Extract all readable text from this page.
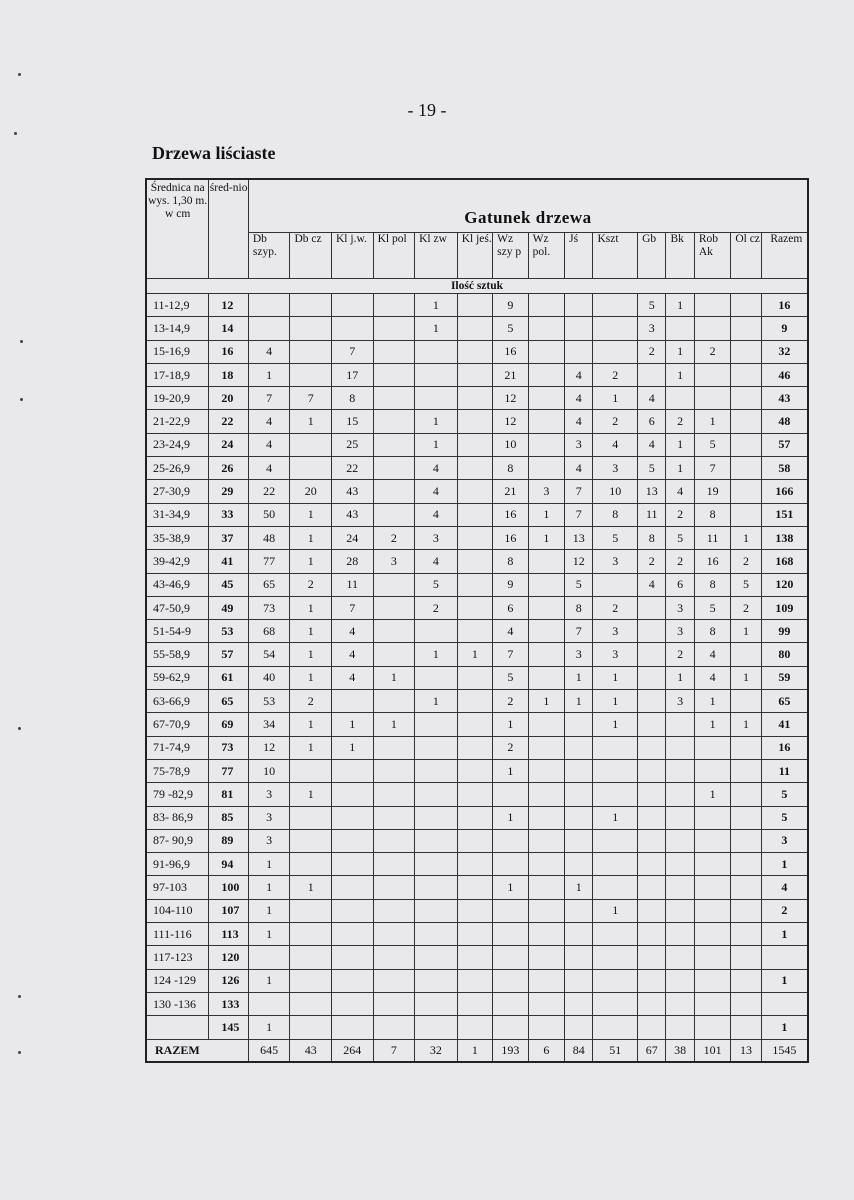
- 19 -
Drzewa liściaste
Średnica na wys. 1,30 m. w cm	śred-nio	Gatunek drzewa														
		Db szyp.	Db cz	Kl j.w.	Kl pol	Kl zw	Kl jeś.	Wz szy p	Wz pol.	Jś	Kszt	Gb	Bk	Rob Ak	Ol cz	Razem
Ilość sztuk																
11-12,9	12					1		9				5	1			16
13-14,9	14					1		5				3				9
15-16,9	16	4		7				16				2	1	2		32
17-18,9	18	1		17				21		4	2		1			46
19-20,9	20	7	7	8				12		4	1	4				43
21-22,9	22	4	1	15		1		12		4	2	6	2	1		48
23-24,9	24	4		25		1		10		3	4	4	1	5		57
25-26,9	26	4		22		4		8		4	3	5	1	7		58
27-30,9	29	22	20	43		4		21	3	7	10	13	4	19		166
31-34,9	33	50	1	43		4		16	1	7	8	11	2	8		151
35-38,9	37	48	1	24	2	3		16	1	13	5	8	5	11	1	138
39-42,9	41	77	1	28	3	4		8		12	3	2	2	16	2	168
43-46,9	45	65	2	11		5		9		5		4	6	8	5	120
47-50,9	49	73	1	7		2		6		8	2		3	5	2	109
51-54-9	53	68	1	4				4		7	3		3	8	1	99
55-58,9	57	54	1	4		1	1	7		3	3		2	4		80
59-62,9	61	40	1	4	1			5		1	1		1	4	1	59
63-66,9	65	53	2			1		2	1	1	1		3	1		65
67-70,9	69	34	1	1	1			1			1			1	1	41
71-74,9	73	12	1	1				2								16
75-78,9	77	10						1								11
79 -82,9	81	3	1											1		5
83- 86,9	85	3						1			1					5
87- 90,9	89	3														3
91-96,9	94	1														1
97-103	100	1	1					1		1						4
104-110	107	1									1					2
111-116	113	1														1
117-123	120															
124 -129	126	1														1
130 -136	133															
	145	1														1
RAZEM		645	43	264	7	32	1	193	6	84	51	67	38	101	13	1545
